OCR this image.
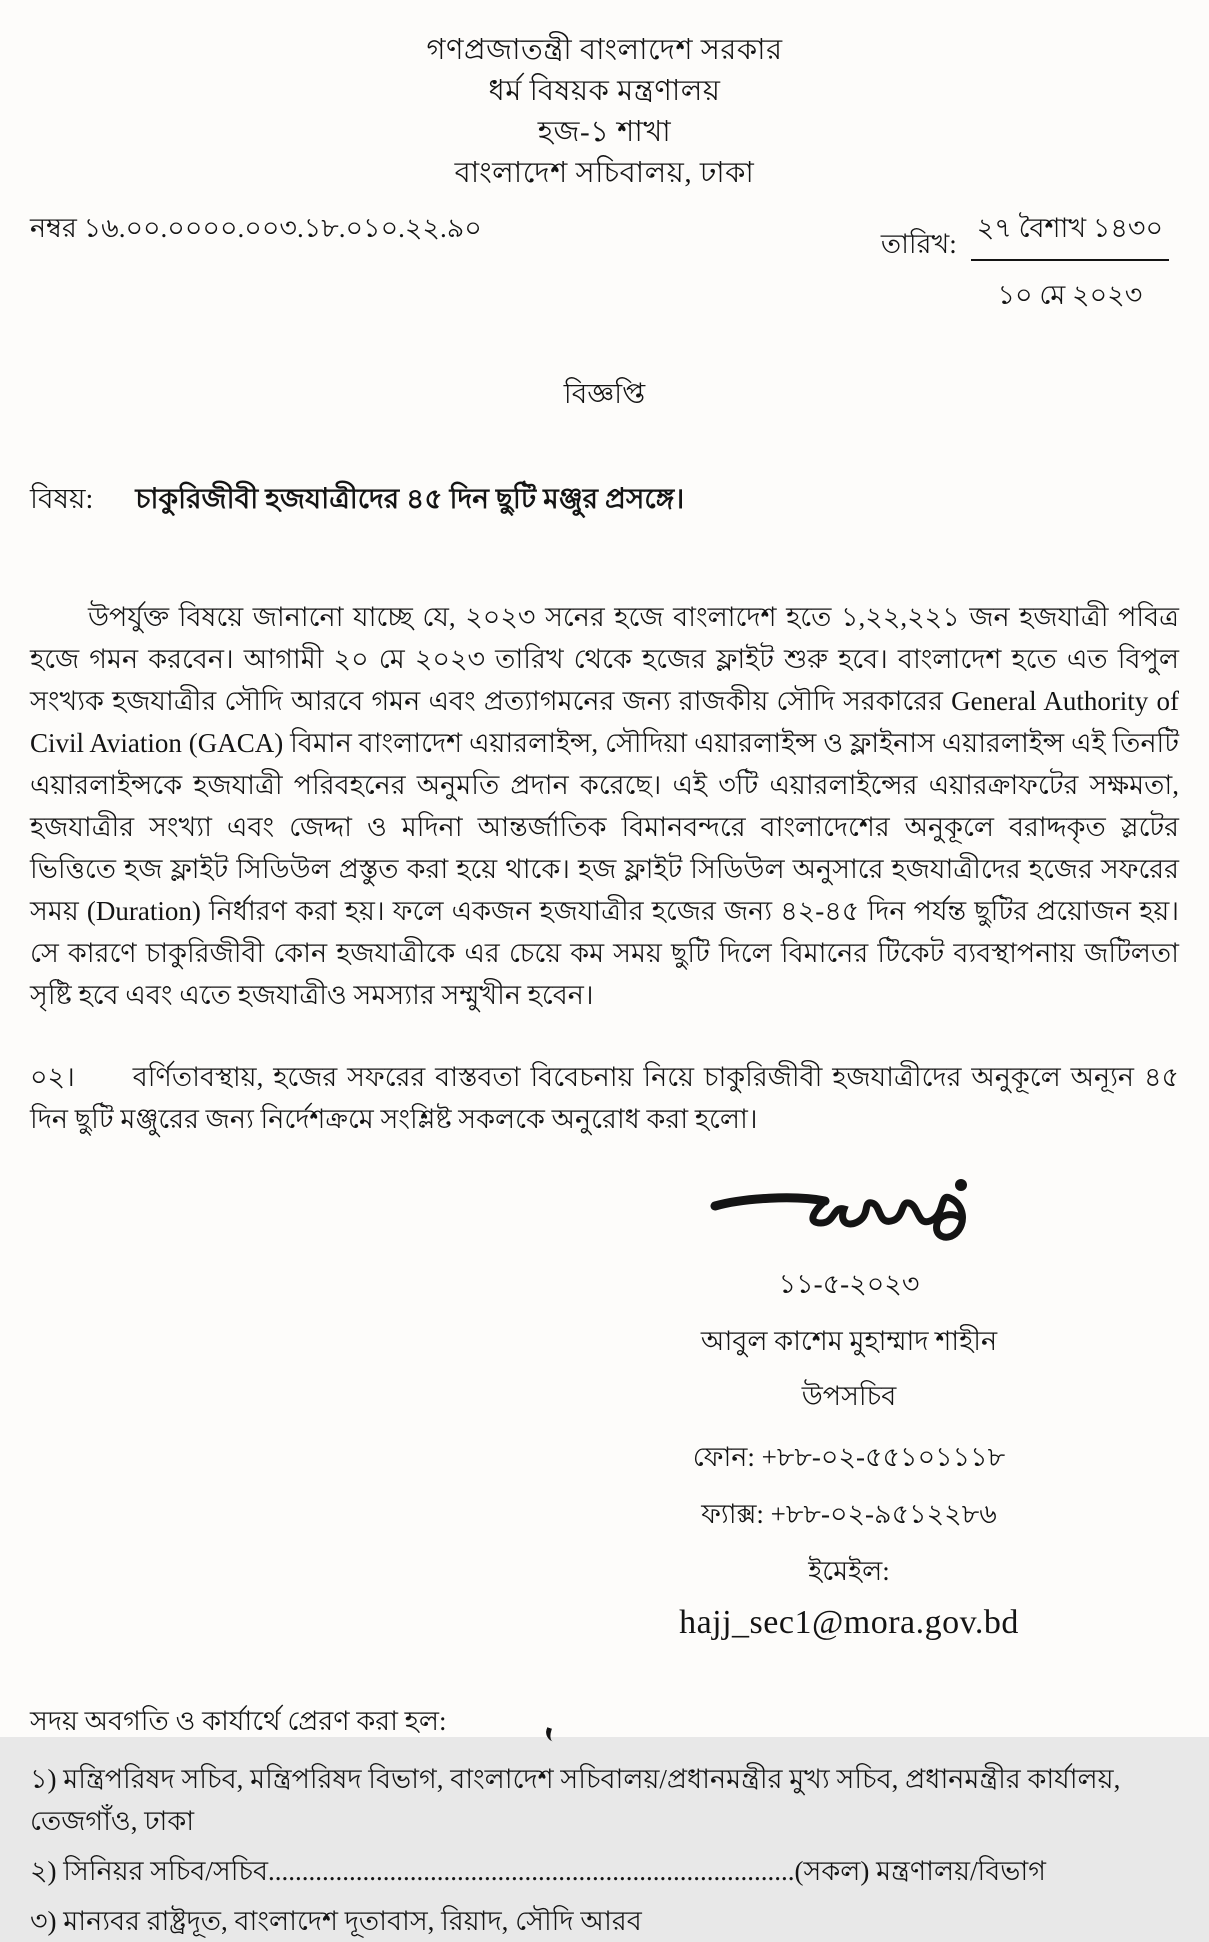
গণপ্রজাতন্ত্রী বাংলাদেশ সরকার
ধর্ম বিষয়ক মন্ত্রণালয়
হজ-১ শাখা
বাংলাদেশ সচিবালয়, ঢাকা
নম্বর ১৬.০০.০০০০.০০৩.১৮.০১০.২২.৯০
তারিখ:
২৭ বৈশাখ ১৪৩০
১০ মে ২০২৩
বিজ্ঞপ্তি
বিষয়: চাকুরিজীবী হজযাত্রীদের ৪৫ দিন ছুটি মঞ্জুর প্রসঙ্গে।

উপর্যুক্ত বিষয়ে জানানো যাচ্ছে যে, ২০২৩ সনের হজে বাংলাদেশ হতে ১,২২,২২১ জন হজযাত্রী পবিত্র হজে গমন করবেন। আগামী ২০ মে ২০২৩ তারিখ থেকে হজের ফ্লাইট শুরু হবে। বাংলাদেশ হতে এত বিপুল সংখ্যক হজযাত্রীর সৌদি আরবে গমন এবং প্রত্যাগমনের জন্য রাজকীয় সৌদি সরকারের General Authority of Civil Aviation (GACA) বিমান বাংলাদেশ এয়ারলাইন্স, সৌদিয়া এয়ারলাইন্স ও ফ্লাইনাস এয়ারলাইন্স এই তিনটি এয়ারলাইন্সকে হজযাত্রী পরিবহনের অনুমতি প্রদান করেছে। এই ৩টি এয়ারলাইন্সের এয়ারক্রাফটের সক্ষমতা, হজযাত্রীর সংখ্যা এবং জেদ্দা ও মদিনা আন্তর্জাতিক বিমানবন্দরে বাংলাদেশের অনুকূলে বরাদ্দকৃত স্লটের ভিত্তিতে হজ ফ্লাইট সিডিউল প্রস্তুত করা হয়ে থাকে। হজ ফ্লাইট সিডিউল অনুসারে হজযাত্রীদের হজের সফরের সময় (Duration) নির্ধারণ করা হয়। ফলে একজন হজযাত্রীর হজের জন্য ৪২-৪৫ দিন পর্যন্ত ছুটির প্রয়োজন হয়। সে কারণে চাকুরিজীবী কোন হজযাত্রীকে এর চেয়ে কম সময় ছুটি দিলে বিমানের টিকেট ব্যবস্থাপনায় জটিলতা সৃষ্টি হবে এবং এতে হজযাত্রীও সমস্যার সম্মুখীন হবেন।

০২। বর্ণিতাবস্থায়, হজের সফরের বাস্তবতা বিবেচনায় নিয়ে চাকুরিজীবী হজযাত্রীদের অনুকূলে অন্যূন ৪৫ দিন ছুটি মঞ্জুরের জন্য নির্দেশক্রমে সংশ্লিষ্ট সকলকে অনুরোধ করা হলো।

১১-৫-২০২৩
আবুল কাশেম মুহাম্মাদ শাহীন
উপসচিব
ফোন: +৮৮-০২-৫৫১০১১১৮
ফ্যাক্স: +৮৮-০২-৯৫১২২৮৬
ইমেইল:
hajj_sec1@mora.gov.bd
সদয় অবগতি ও কার্যার্থে প্রেরণ করা হল:
১) মন্ত্রিপরিষদ সচিব, মন্ত্রিপরিষদ বিভাগ, বাংলাদেশ সচিবালয়/প্রধানমন্ত্রীর মুখ্য সচিব, প্রধানমন্ত্রীর কার্যালয়, তেজগাঁও, ঢাকা
২) সিনিয়র সচিব/সচিব..............................................................................(সকল) মন্ত্রণালয়/বিভাগ
৩) মান্যবর রাষ্ট্রদূত, বাংলাদেশ দূতাবাস, রিয়াদ, সৌদি আরব
